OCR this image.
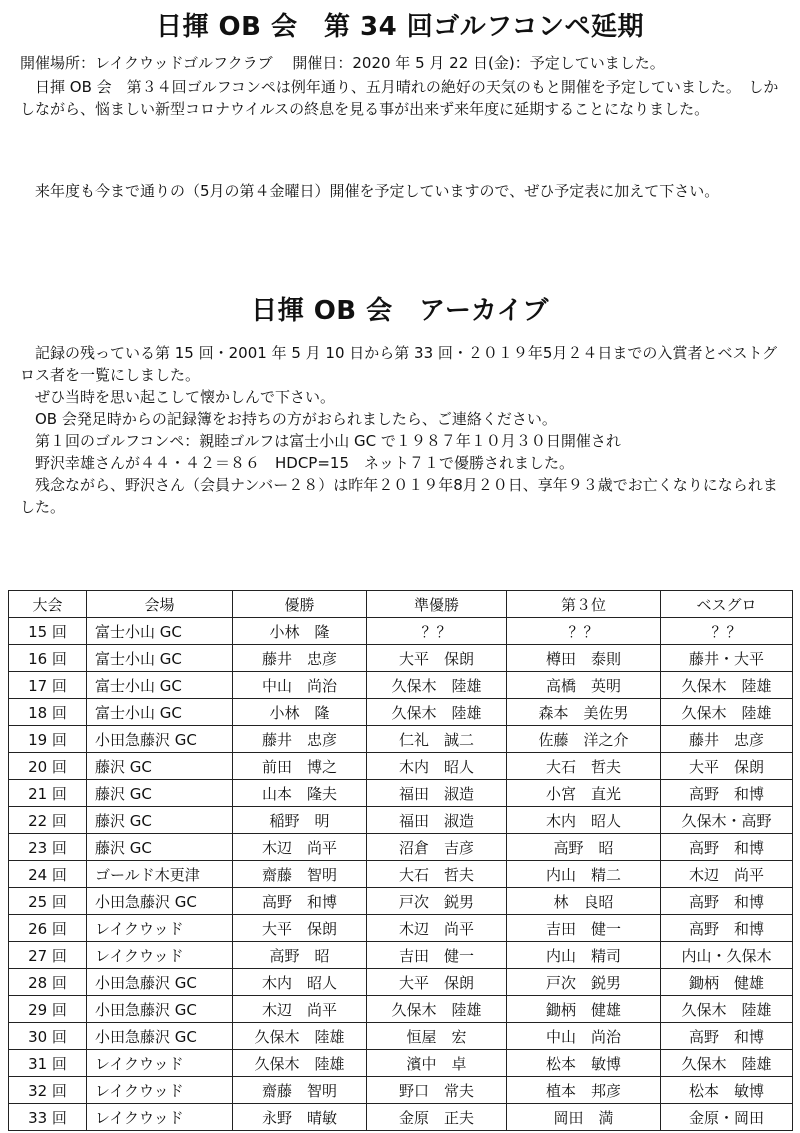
日揮 OB 会　第 34 回ゴルフコンペ延期

開催場所：レイクウッドゴルフクラブ　 開催日：2020 年 5 月 22 日(金)：予定していました。

日揮 OB 会　第３４回ゴルフコンペは例年通り、五月晴れの絶好の天気のもと開催を予定していました。　しかしながら、悩ましい新型コロナウイルスの終息を見る事が出来ず来年度に延期することになりました。

来年度も今まで通りの（5月の第４金曜日）開催を予定していますので、ぜひ予定表に加えて下さい。

日揮 OB 会　アーカイブ
記録の残っている第 15 回・2001 年 5 月 10 日から第 33 回・２０１９年5月２４日までの入賞者とベストグロス者を一覧にしました。
ぜひ当時を思い起こして懐かしんで下さい。
OB 会発足時からの記録簿をお持ちの方がおられましたら、ご連絡ください。
第１回のゴルフコンペ：親睦ゴルフは富士小山 GC で１９８７年１０月３０日開催され
野沢幸雄さんが４４・４２＝８６　HDCP=15　ネット７１で優勝されました。
残念ながら、野沢さん（会員ナンバー２８）は昨年２０１９年8月２０日、享年９３歳でお亡くなりになられました。
大会	会場	優勝	準優勝	第３位	ベスグロ
15 回	富士小山 GC	小林　隆	？？	？？	？？
16 回	富士小山 GC	藤井　忠彦	大平　保朗	樽田　泰則	藤井・大平
17 回	富士小山 GC	中山　尚治	久保木　陸雄	高橋　英明	久保木　陸雄
18 回	富士小山 GC	小林　隆	久保木　陸雄	森本　美佐男	久保木　陸雄
19 回	小田急藤沢 GC	藤井　忠彦	仁礼　誠二	佐藤　洋之介	藤井　忠彦
20 回	藤沢 GC	前田　博之	木内　昭人	大石　哲夫	大平　保朗
21 回	藤沢 GC	山本　隆夫	福田　淑造	小宮　直光	高野　和博
22 回	藤沢 GC	稲野　明	福田　淑造	木内　昭人	久保木・高野
23 回	藤沢 GC	木辺　尚平	沼倉　吉彦	高野　昭	高野　和博
24 回	ゴールド木更津	齋藤　智明	大石　哲夫	内山　精二	木辺　尚平
25 回	小田急藤沢 GC	高野　和博	戸次　鋭男	林　良昭	高野　和博
26 回	レイクウッド	大平　保朗	木辺　尚平	吉田　健一	高野　和博
27 回	レイクウッド	高野　昭	吉田　健一	内山　精司	内山・久保木
28 回	小田急藤沢 GC	木内　昭人	大平　保朗	戸次　鋭男	鋤柄　健雄
29 回	小田急藤沢 GC	木辺　尚平	久保木　陸雄	鋤柄　健雄	久保木　陸雄
30 回	小田急藤沢 GC	久保木　陸雄	恒屋　宏	中山　尚治	高野　和博
31 回	レイクウッド	久保木　陸雄	濱中　卓	松本　敏博	久保木　陸雄
32 回	レイクウッド	齋藤　智明	野口　常夫	植本　邦彦	松本　敏博
33 回	レイクウッド	永野　晴敏	金原　正夫	岡田　満	金原・岡田
